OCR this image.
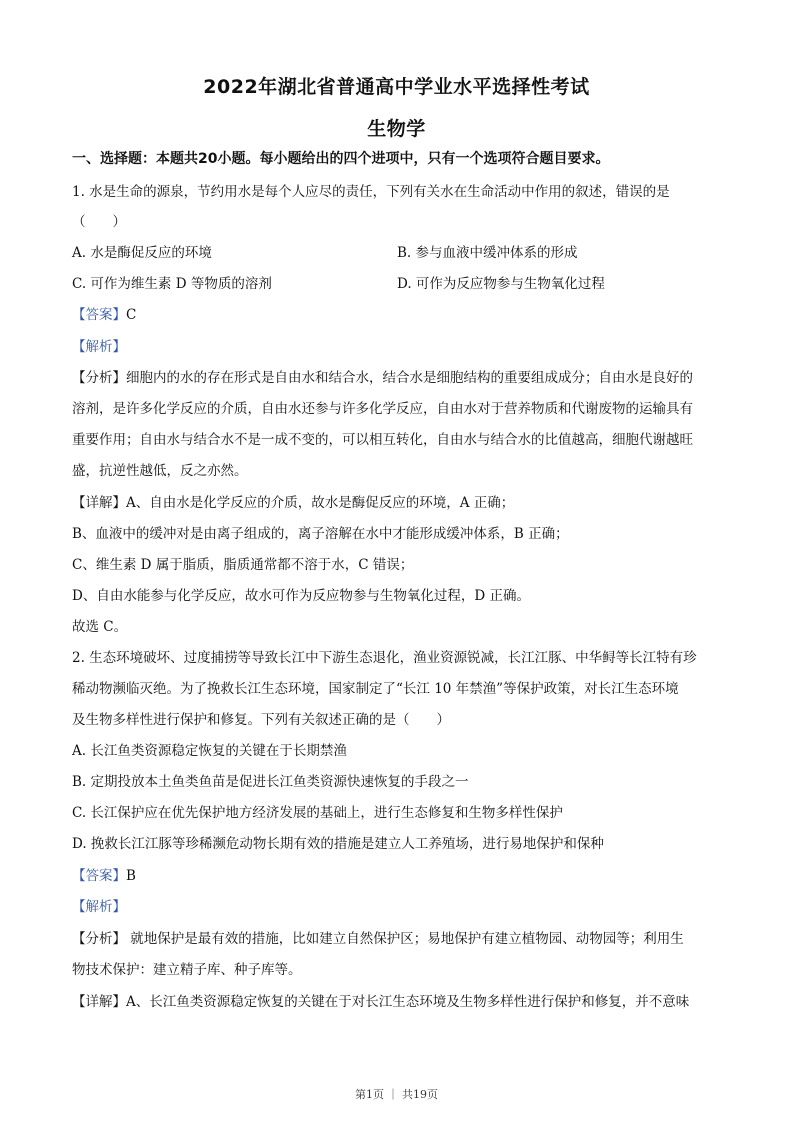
2022年湖北省普通高中学业水平选择性考试
生物学
一、选择题：本题共20小题。每小题给出的四个进项中，只有一个选项符合题目要求。
1. 水是生命的源泉，节约用水是每个人应尽的责任，下列有关水在生命活动中作用的叙述，错误的是
（　　）
A. 水是酶促反应的环境	B. 参与血液中缓冲体系的形成
C. 可作为维生素 D 等物质的溶剂	D. 可作为反应物参与生物氧化过程
【答案】C
【解析】
【分析】细胞内的水的存在形式是自由水和结合水，结合水是细胞结构的重要组成成分；自由水是良好的
溶剂，是许多化学反应的介质，自由水还参与许多化学反应，自由水对于营养物质和代谢废物的运输具有
重要作用；自由水与结合水不是一成不变的，可以相互转化，自由水与结合水的比值越高，细胞代谢越旺
盛，抗逆性越低，反之亦然。
【详解】A、自由水是化学反应的介质，故水是酶促反应的环境，A 正确；
B、血液中的缓冲对是由离子组成的，离子溶解在水中才能形成缓冲体系，B 正确；
C、维生素 D 属于脂质，脂质通常都不溶于水，C 错误；
D、自由水能参与化学反应，故水可作为反应物参与生物氧化过程，D 正确。
故选 C。
2. 生态环境破坏、过度捕捞等导致长江中下游生态退化，渔业资源锐减，长江江豚、中华鲟等长江特有珍
稀动物濒临灭绝。为了挽救长江生态环境，国家制定了“长江 10 年禁渔”等保护政策，对长江生态环境
及生物多样性进行保护和修复。下列有关叙述正确的是（　　）
A. 长江鱼类资源稳定恢复的关键在于长期禁渔
B. 定期投放本土鱼类鱼苗是促进长江鱼类资源快速恢复的手段之一
C. 长江保护应在优先保护地方经济发展的基础上，进行生态修复和生物多样性保护
D. 挽救长江江豚等珍稀濒危动物长期有效的措施是建立人工养殖场，进行易地保护和保种
【答案】B
【解析】
【分析】 就地保护是最有效的措施，比如建立自然保护区；易地保护有建立植物园、动物园等；利用生
物技术保护：建立精子库、种子库等。
【详解】A、长江鱼类资源稳定恢复的关键在于对长江生态环境及生物多样性进行保护和修复，并不意味
第1页 ｜ 共19页
